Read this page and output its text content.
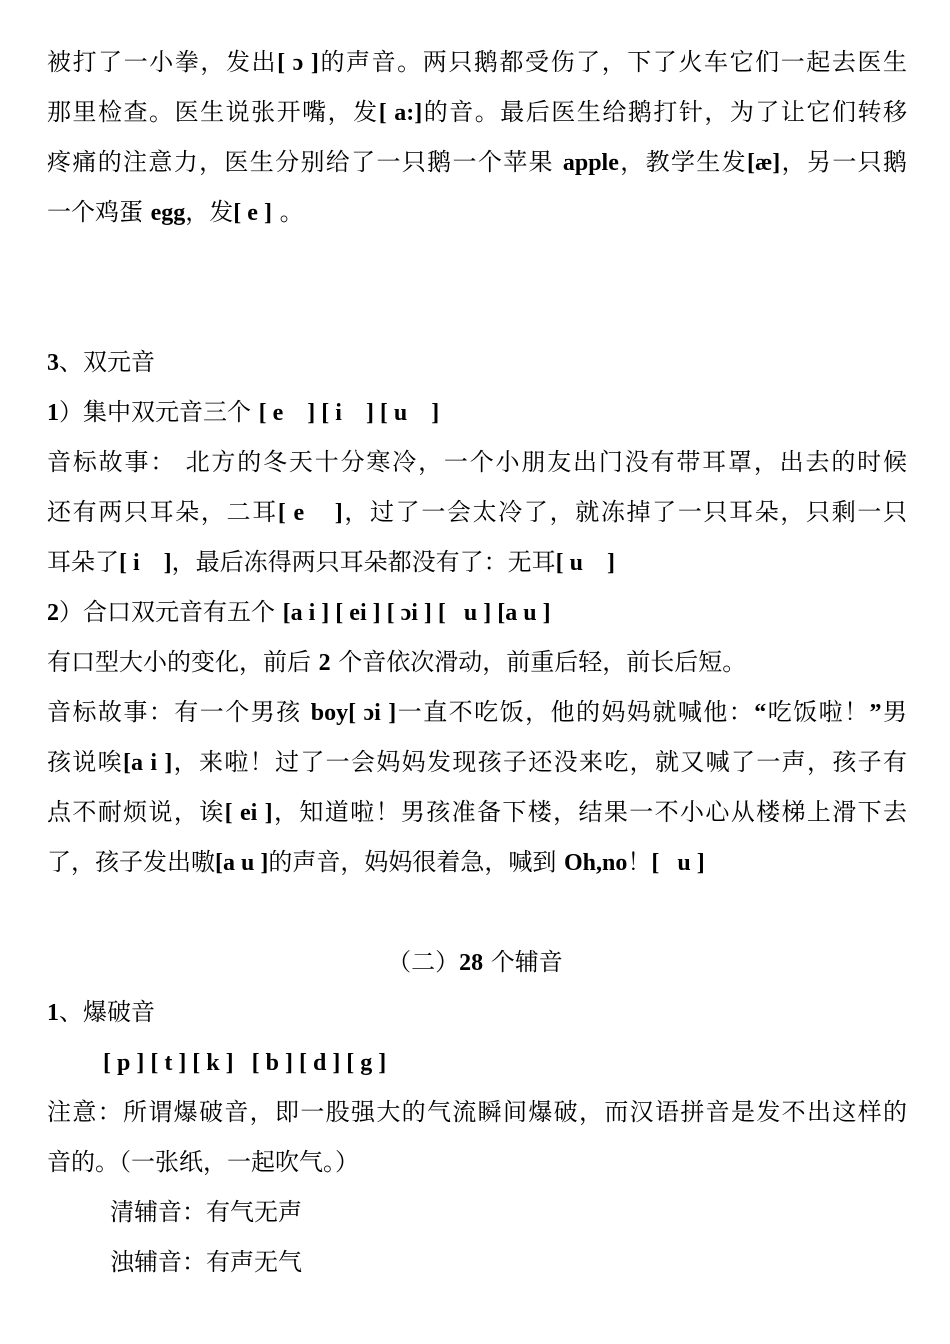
被打了一小拳，发出[ ɔ ]的声音。两只鹅都受伤了，下了火车它们一起去医生
那里检查。医生说张开嘴，发[ a:]的音。最后医生给鹅打针，为了让它们转移
疼痛的注意力，医生分别给了一只鹅一个苹果 apple，教学生发[æ]，另一只鹅
一个鸡蛋 egg，发[ e ] 。
3、双元音
1）集中双元音三个 [ e    ] [ i    ] [ u    ]
音标故事： 北方的冬天十分寒冷，一个小朋友出门没有带耳罩，出去的时候
还有两只耳朵，二耳[ e    ]，过了一会太冷了，就冻掉了一只耳朵，只剩一只
耳朵了[ i    ]，最后冻得两只耳朵都没有了：无耳[ u    ]
2）合口双元音有五个 [a i ] [ ei ] [ ɔi ] [   u ] [a u ]
有口型大小的变化，前后 2 个音依次滑动，前重后轻，前长后短。
音标故事：有一个男孩 boy[ ɔi ]一直不吃饭，他的妈妈就喊他：“吃饭啦！”男
孩说唉[a i ]，来啦！过了一会妈妈发现孩子还没来吃，就又喊了一声，孩子有
点不耐烦说，诶[ ei ]，知道啦！男孩准备下楼，结果一不小心从楼梯上滑下去
了，孩子发出嗷[a u ]的声音，妈妈很着急，喊到 Oh,no！[   u ]
（二）28 个辅音
1、爆破音
[ p ] [ t ] [ k ]   [ b ] [ d ] [ g ]
注意：所谓爆破音，即一股强大的气流瞬间爆破，而汉语拼音是发不出这样的
音的。（一张纸，一起吹气。）
清辅音：有气无声
浊辅音：有声无气
